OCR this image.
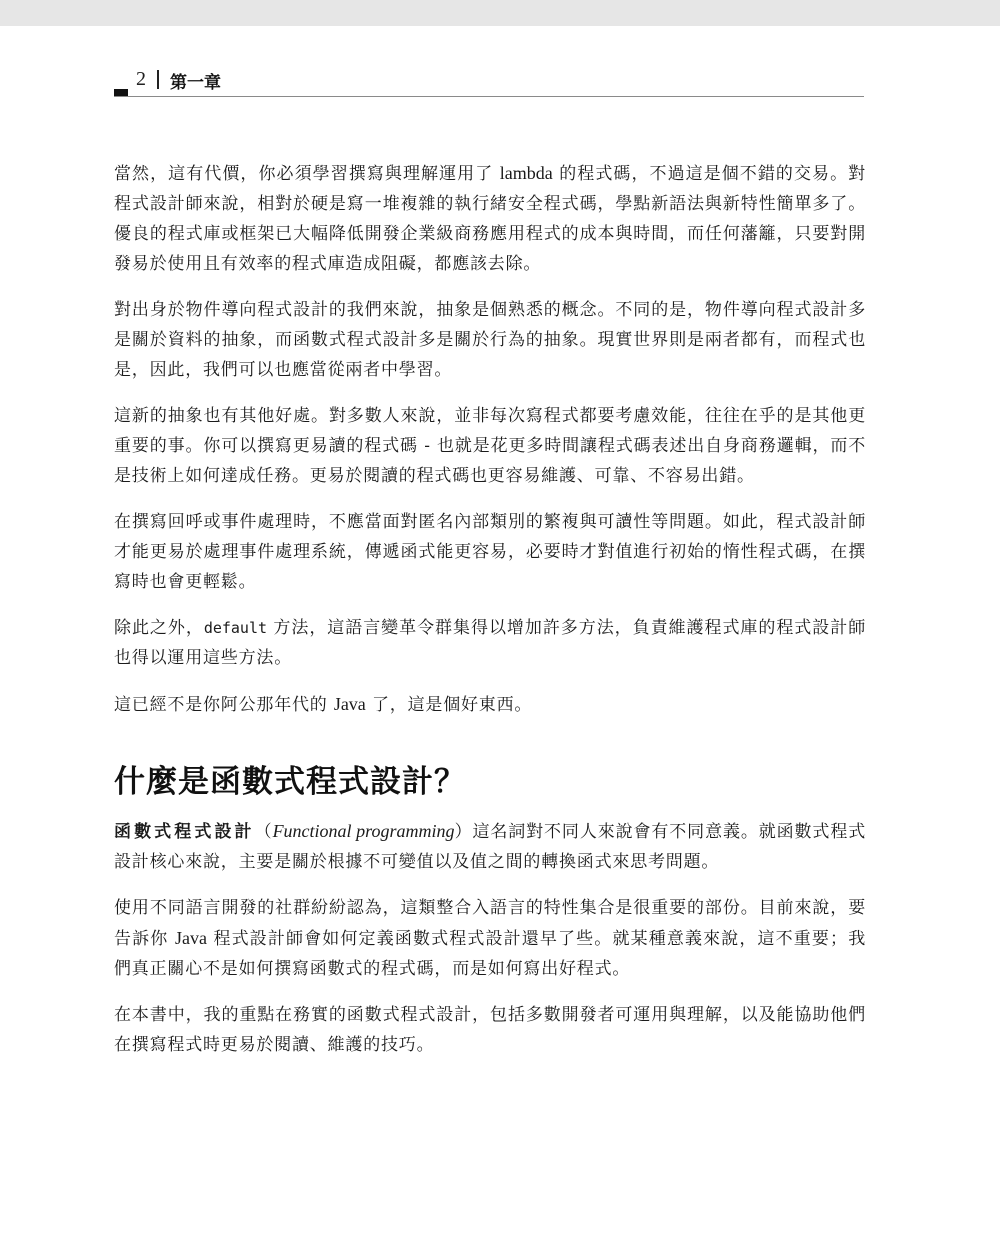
2 第一章

當然，這有代價，你必須學習撰寫與理解運用了 lambda 的程式碼，不過這是個不錯的交易。對程式設計師來說，相對於硬是寫一堆複雜的執行緒安全程式碼，學點新語法與新特性簡單多了。優良的程式庫或框架已大幅降低開發企業級商務應用程式的成本與時間，而任何藩籬，只要對開發易於使用且有效率的程式庫造成阻礙，都應該去除。

對出身於物件導向程式設計的我們來說，抽象是個熟悉的概念。不同的是，物件導向程式設計多是關於資料的抽象，而函數式程式設計多是關於行為的抽象。現實世界則是兩者都有，而程式也是，因此，我們可以也應當從兩者中學習。

這新的抽象也有其他好處。對多數人來說，並非每次寫程式都要考慮效能，往往在乎的是其他更重要的事。你可以撰寫更易讀的程式碼 - 也就是花更多時間讓程式碼表述出自身商務邏輯，而不是技術上如何達成任務。更易於閱讀的程式碼也更容易維護、可靠、不容易出錯。

在撰寫回呼或事件處理時，不應當面對匿名內部類別的繁複與可讀性等問題。如此，程式設計師才能更易於處理事件處理系統，傳遞函式能更容易，必要時才對值進行初始的惰性程式碼，在撰寫時也會更輕鬆。

除此之外，default 方法，這語言變革令群集得以增加許多方法，負責維護程式庫的程式設計師也得以運用這些方法。

這已經不是你阿公那年代的 Java 了，這是個好東西。

什麼是函數式程式設計？

函數式程式設計（Functional programming）這名詞對不同人來說會有不同意義。就函數式程式設計核心來說，主要是關於根據不可變值以及值之間的轉換函式來思考問題。

使用不同語言開發的社群紛紛認為，這類整合入語言的特性集合是很重要的部份。目前來說，要告訴你 Java 程式設計師會如何定義函數式程式設計還早了些。就某種意義來說，這不重要；我們真正關心不是如何撰寫函數式的程式碼，而是如何寫出好程式。

在本書中，我的重點在務實的函數式程式設計，包括多數開發者可運用與理解，以及能協助他們在撰寫程式時更易於閱讀、維護的技巧。
